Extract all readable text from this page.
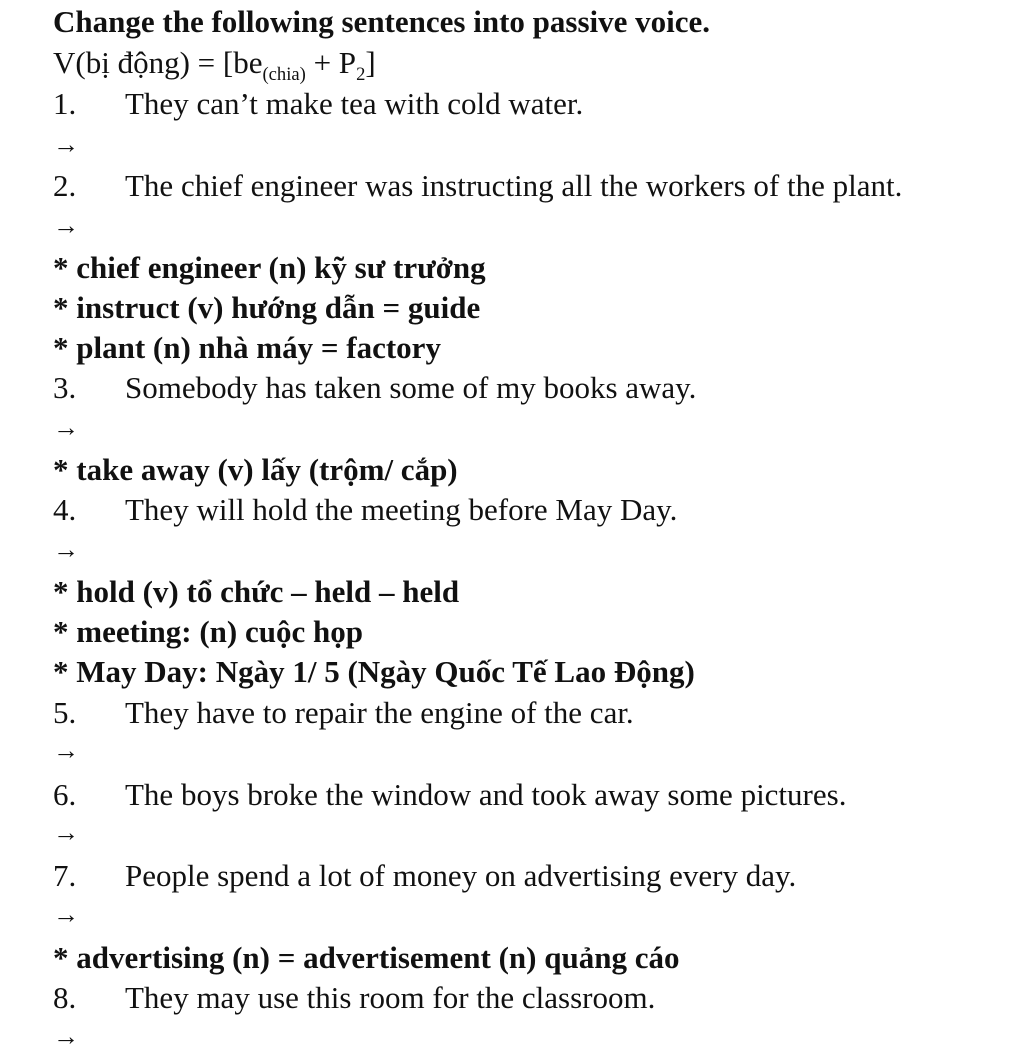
Change the following sentences into passive voice.
V(bị động) = $[be_{(chia)} + P_2]$
1. They can’t make tea with cold water.
→
2. The chief engineer was instructing all the workers of the plant.
→
* chief engineer (n) kỹ sư trưởng
* instruct (v) hướng dẫn = guide
* plant (n) nhà máy = factory
3. Somebody has taken some of my books away.
→
* take away (v) lấy (trộm/ cắp)
4. They will hold the meeting before May Day.
→
* hold (v) tổ chức – held – held
* meeting: (n) cuộc họp
* May Day: Ngày 1/ 5 (Ngày Quốc Tế Lao Động)
5. They have to repair the engine of the car.
→
6. The boys broke the window and took away some pictures.
→
7. People spend a lot of money on advertising every day.
→
* advertising (n) = advertisement (n) quảng cáo
8. They may use this room for the classroom.
→
